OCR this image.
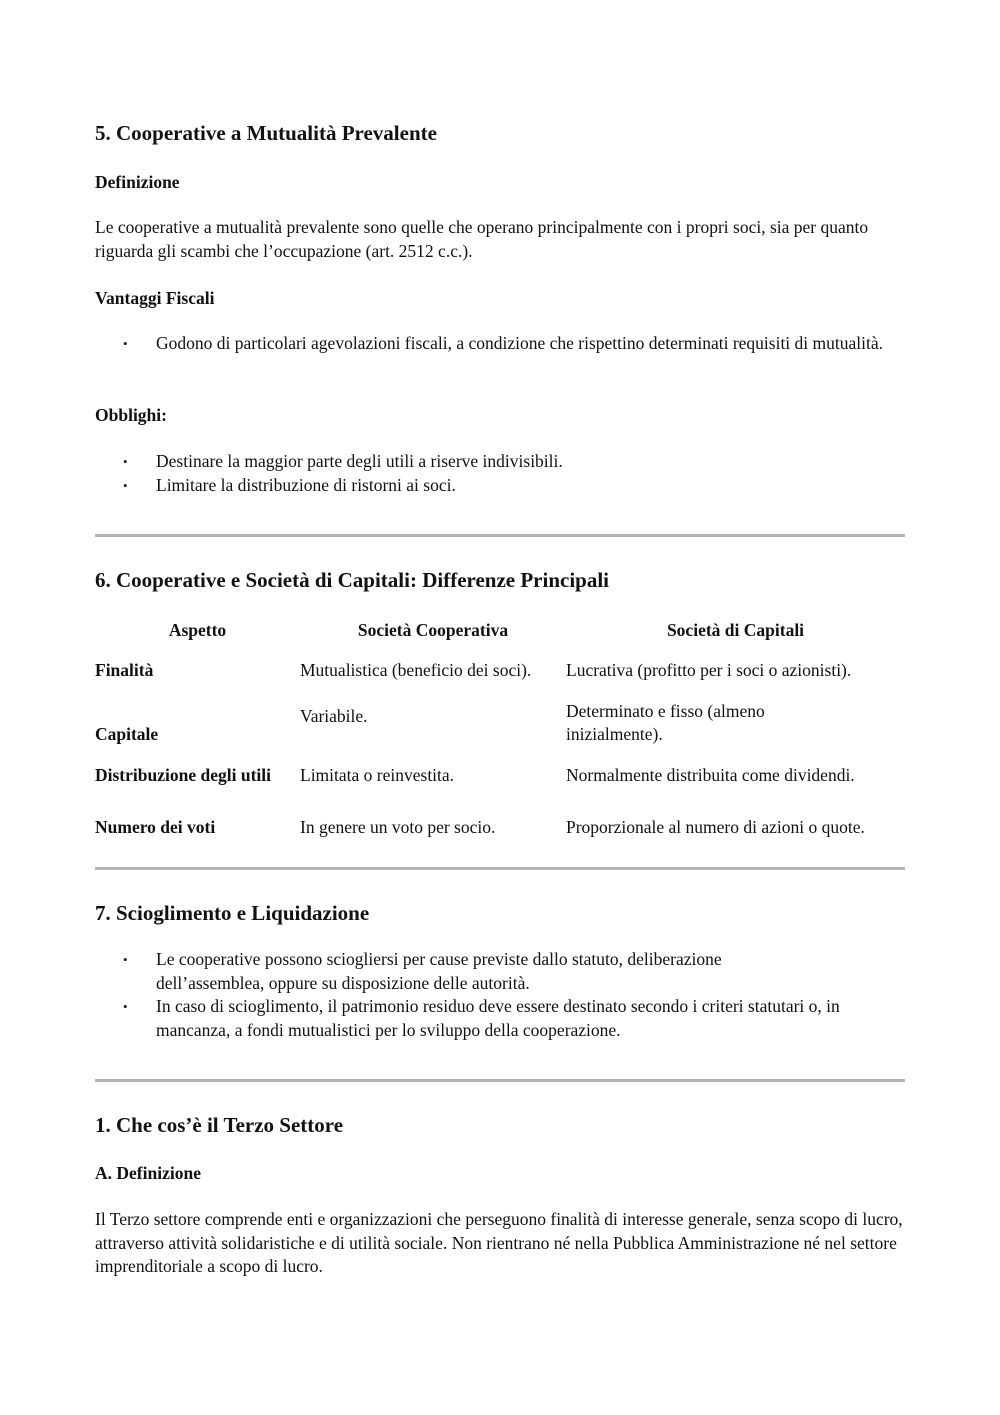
5. Cooperative a Mutualità Prevalente
Definizione

Le cooperative a mutualità prevalente sono quelle che operano principalmente con i propri soci, sia per quanto riguarda gli scambi che l’occupazione (art. 2512 c.c.).

Vantaggi Fiscali
• Godono di particolari agevolazioni fiscali, a condizione che rispettino determinati requisiti di mutualità.
Obblighi:
• Destinare la maggior parte degli utili a riserve indivisibili.
• Limitare la distribuzione di ristorni ai soci.
6. Cooperative e Società di Capitali: Differenze Principali
Aspetto	Società Cooperativa	Società di Capitali
Finalità	Mutualistica (beneficio dei soci).	Lucrativa (profitto per i soci o azionisti).
Capitale	Variabile.	Determinato e fisso (almeno inizialmente).
Distribuzione degli utili	Limitata o reinvestita.	Normalmente distribuita come dividendi.
Numero dei voti	In genere un voto per socio.	Proporzionale al numero di azioni o quote.
7. Scioglimento e Liquidazione
• Le cooperative possono sciogliersi per cause previste dallo statuto, deliberazione dell’assemblea, oppure su disposizione delle autorità.
• In caso di scioglimento, il patrimonio residuo deve essere destinato secondo i criteri statutari o, in mancanza, a fondi mutualistici per lo sviluppo della cooperazione.
1. Che cos’è il Terzo Settore
A. Definizione

Il Terzo settore comprende enti e organizzazioni che perseguono finalità di interesse generale, senza scopo di lucro, attraverso attività solidaristiche e di utilità sociale. Non rientrano né nella Pubblica Amministrazione né nel settore imprenditoriale a scopo di lucro.
